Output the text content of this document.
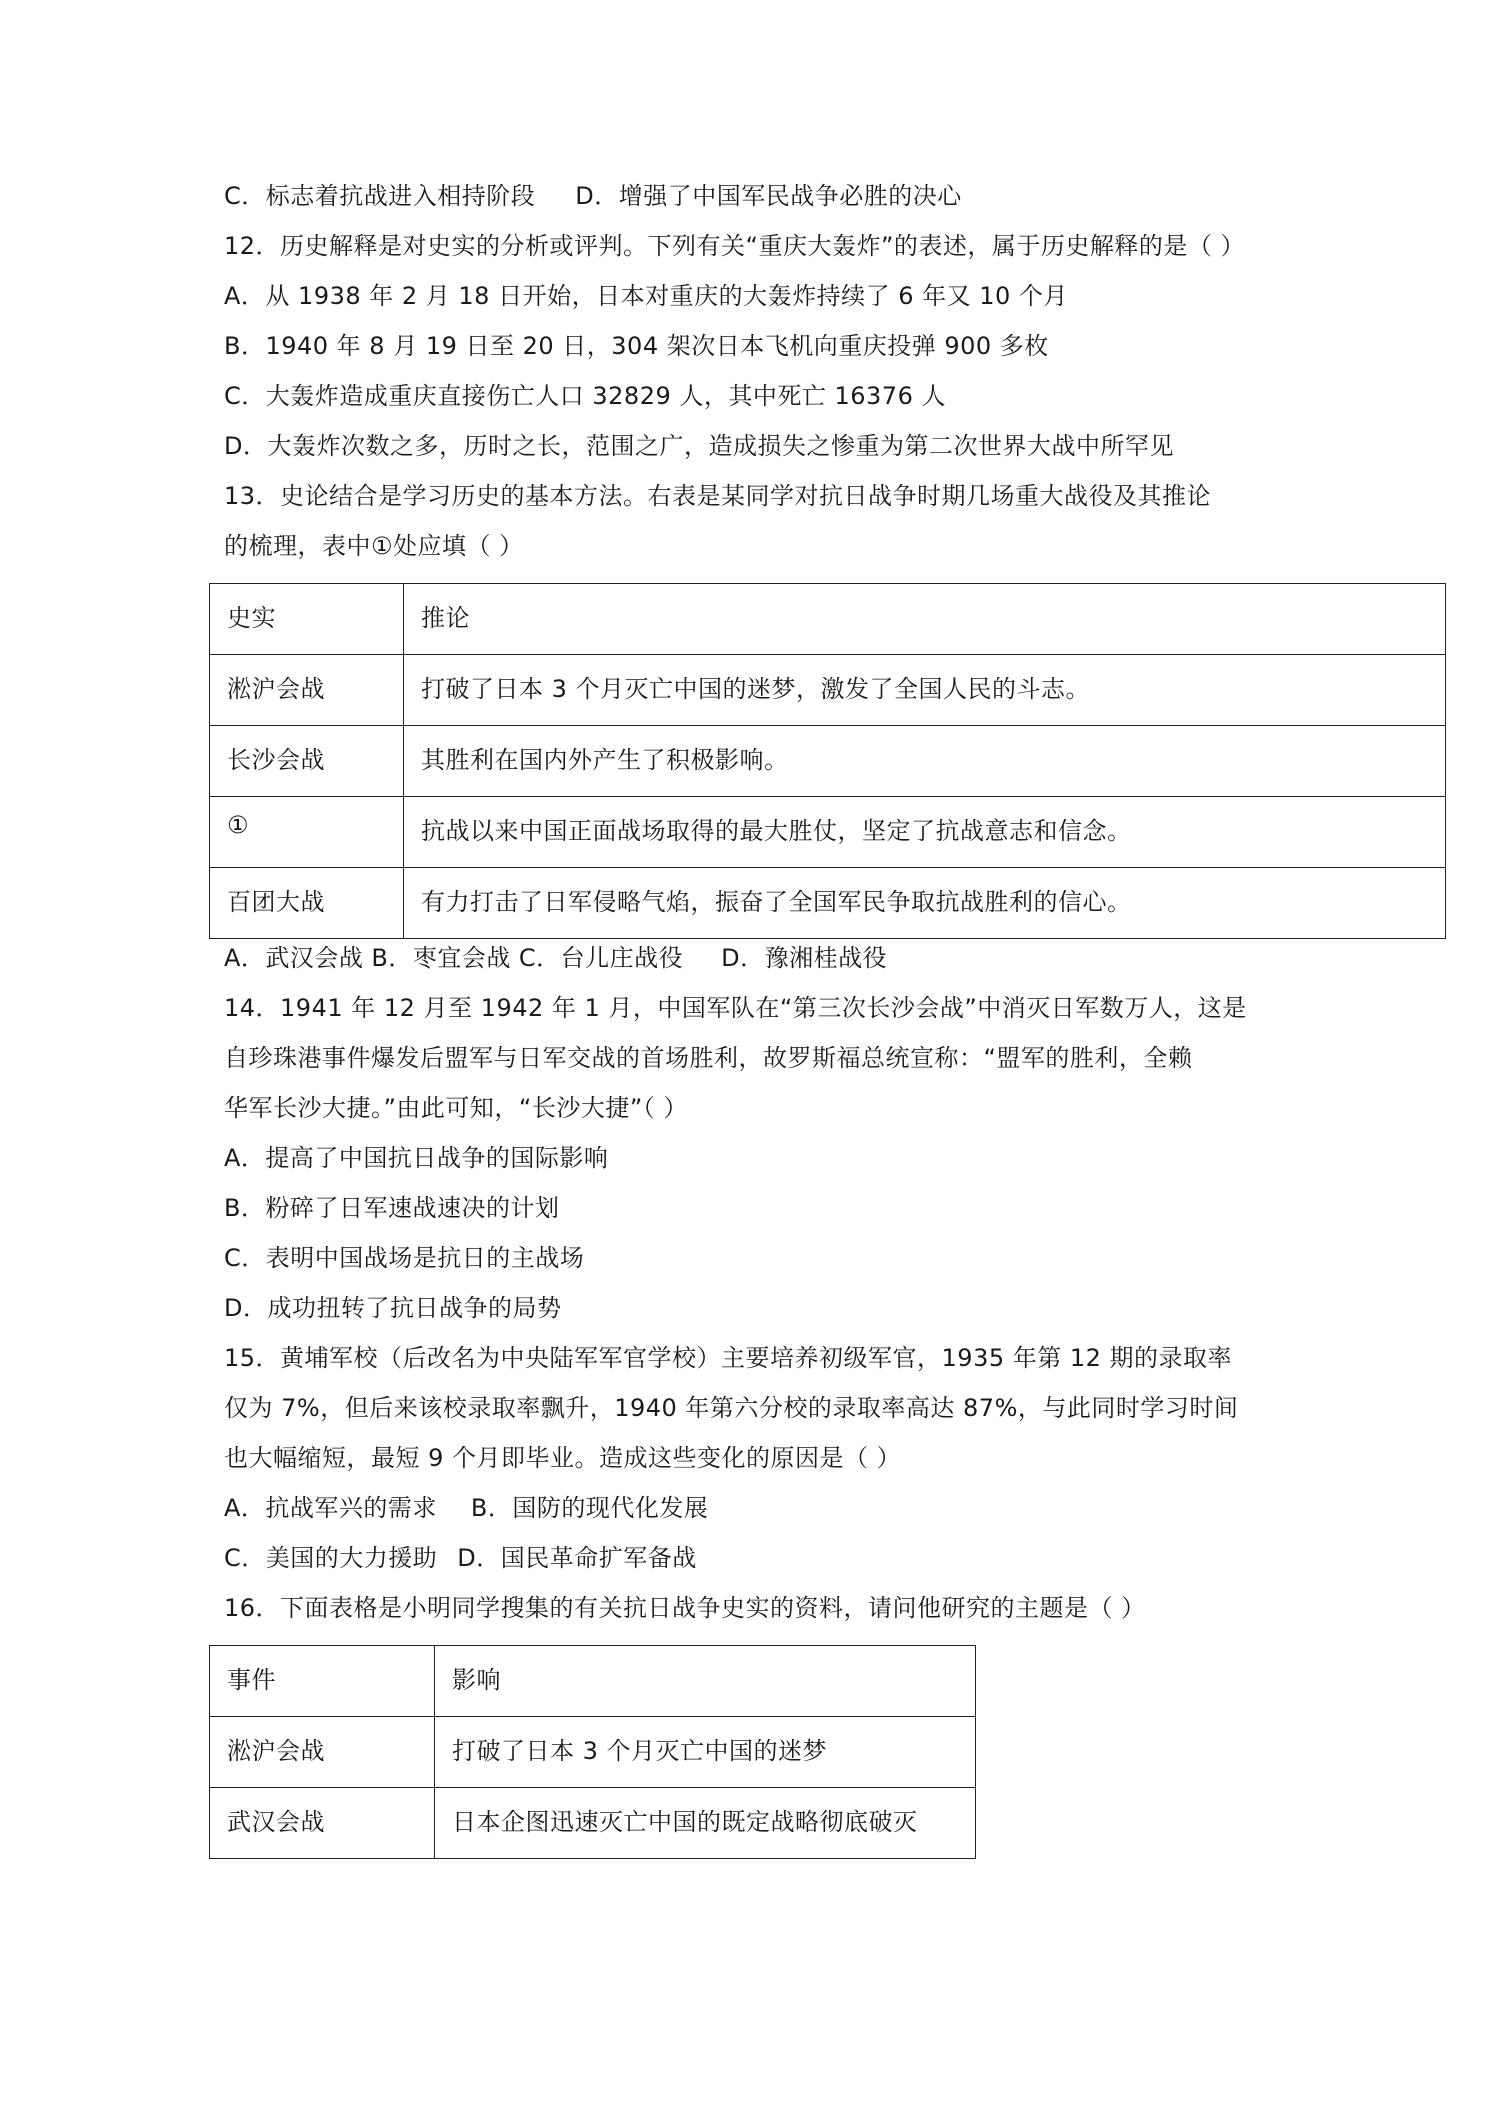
C．标志着抗战进入相持阶段 D．增强了中国军民战争必胜的决心

12．历史解释是对史实的分析或评判。下列有关“重庆大轰炸”的表述，属于历史解释的是（ ）

A．从 1938 年 2 月 18 日开始，日本对重庆的大轰炸持续了 6 年又 10 个月

B．1940 年 8 月 19 日至 20 日，304 架次日本飞机向重庆投弹 900 多枚

C．大轰炸造成重庆直接伤亡人口 32829 人，其中死亡 16376 人

D．大轰炸次数之多，历时之长，范围之广，造成损失之惨重为第二次世界大战中所罕见

13．史论结合是学习历史的基本方法。右表是某同学对抗日战争时期几场重大战役及其推论

的梳理，表中①处应填（ ）

史实	推论
淞沪会战	打破了日本 3 个月灭亡中国的迷梦，激发了全国人民的斗志。
长沙会战	其胜利在国内外产生了积极影响。
①	抗战以来中国正面战场取得的最大胜仗，坚定了抗战意志和信念。
百团大战	有力打击了日军侵略气焰，振奋了全国军民争取抗战胜利的信心。

A．武汉会战 B．枣宜会战 C．台儿庄战役 D．豫湘桂战役

14．1941 年 12 月至 1942 年 1 月，中国军队在“第三次长沙会战”中消灭日军数万人，这是

自珍珠港事件爆发后盟军与日军交战的首场胜利，故罗斯福总统宣称：“盟军的胜利，全赖

华军长沙大捷。”由此可知，“长沙大捷”（ ）

A．提高了中国抗日战争的国际影响

B．粉碎了日军速战速决的计划

C．表明中国战场是抗日的主战场

D．成功扭转了抗日战争的局势

15．黄埔军校（后改名为中央陆军军官学校）主要培养初级军官，1935 年第 12 期的录取率

仅为 7%，但后来该校录取率飘升，1940 年第六分校的录取率高达 87%，与此同时学习时间

也大幅缩短，最短 9 个月即毕业。造成这些变化的原因是（ ）

A．抗战军兴的需求 B．国防的现代化发展

C．美国的大力援助 D．国民革命扩军备战

16．下面表格是小明同学搜集的有关抗日战争史实的资料，请问他研究的主题是（ ）

事件	影响
淞沪会战	打破了日本 3 个月灭亡中国的迷梦
武汉会战	日本企图迅速灭亡中国的既定战略彻底破灭
